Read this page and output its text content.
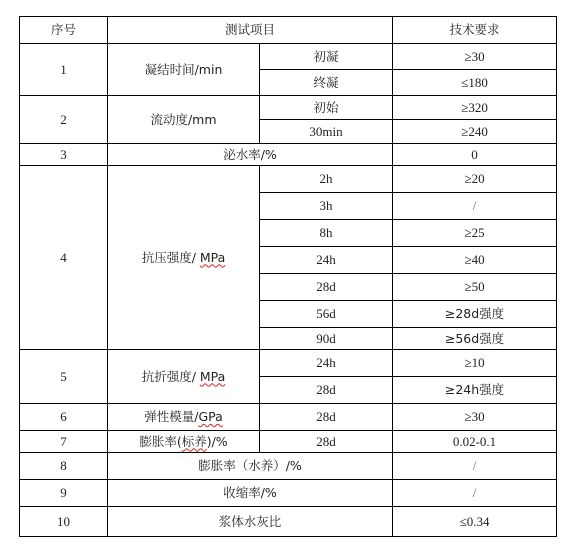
序号	测试项目		技术要求
1	凝结时间/min	初凝	≥30
		终凝	≤180
2	流动度/mm	初始	≥320
		30min	≥240
3	泌水率/%		0
4	抗压强度/ MPa	2h	≥20
		3h	/
		8h	≥25
		24h	≥40
		28d	≥50
		56d	≥28d强度
		90d	≥56d强度
5	抗折强度/ MPa	24h	≥10
		28d	≥24h强度
6	弹性模量/GPa	28d	≥30
7	膨胀率(标养)/%	28d	0.02-0.1
8	膨胀率（水养）/%		/
9	收缩率/%		/
10	浆体水灰比		≤0.34
